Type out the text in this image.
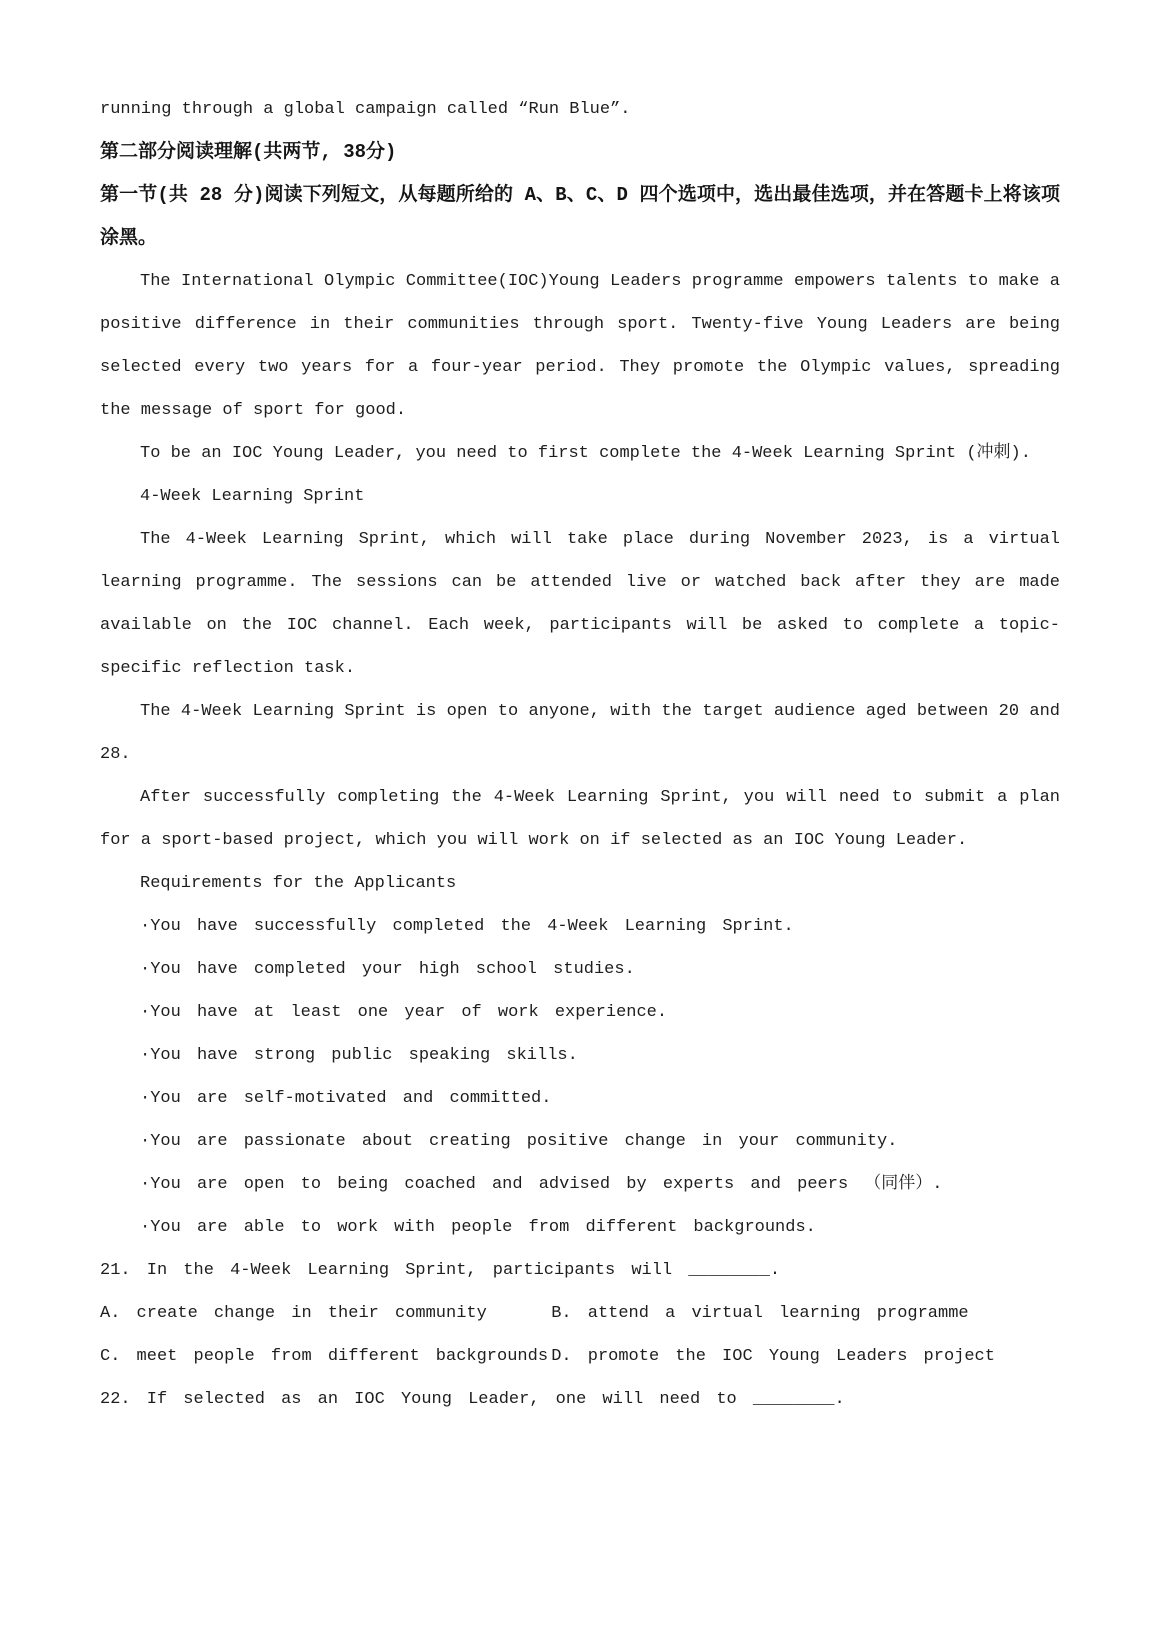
running through a global campaign called “Run Blue”.

第二部分阅读理解(共两节, 38分)

第一节(共 28 分)阅读下列短文，从每题所给的 A、B、C、D 四个选项中，选出最佳选项，并在答题卡上将该项涂黑。

The International Olympic Committee(IOC)Young Leaders programme empowers talents to make a positive difference in their communities through sport. Twenty-five Young Leaders are being selected every two years for a four-year period. They promote the Olympic values, spreading the message of sport for good.

To be an IOC Young Leader, you need to first complete the 4-Week Learning Sprint (冲刺).

4-Week Learning Sprint

The 4-Week Learning Sprint, which will take place during November 2023, is a virtual learning programme. The sessions can be attended live or watched back after they are made available on the IOC channel. Each week, participants will be asked to complete a topic-specific reflection task.

The 4-Week Learning Sprint is open to anyone, with the target audience aged between 20 and 28.

After successfully completing the 4-Week Learning Sprint, you will need to submit a plan for a sport-based project, which you will work on if selected as an IOC Young Leader.

Requirements for the Applicants

·You have successfully completed the 4-Week Learning Sprint.

·You have completed your high school studies.

·You have at least one year of work experience.

·You have strong public speaking skills.

·You are self-motivated and committed.

·You are passionate about creating positive change in your community.

·You are open to being coached and advised by experts and peers （同伴）.

·You are able to work with people from different backgrounds.

21. In the 4-Week Learning Sprint, participants will ________.

A. create change in their community	B. attend a virtual learning programme
C. meet people from different backgrounds D. promote the IOC Young Leaders project

22. If selected as an IOC Young Leader, one will need to ________.
